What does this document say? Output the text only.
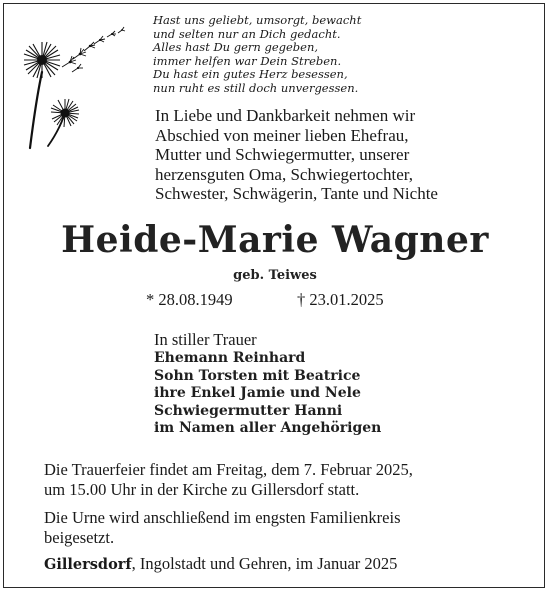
Hast uns geliebt, umsorgt, bewacht
und selten nur an Dich gedacht.
Alles hast Du gern gegeben,
immer helfen war Dein Streben.
Du hast ein gutes Herz besessen,
nun ruht es still doch unvergessen.
In Liebe und Dankbarkeit nehmen wir
Abschied von meiner lieben Ehefrau,
Mutter und Schwiegermutter, unserer
herzensguten Oma, Schwiegertochter,
Schwester, Schwägerin, Tante und Nichte
Heide-Marie Wagner
geb. Teiwes
* 28.08.1949	† 23.01.2025
In stiller Trauer
Ehemann Reinhard
Sohn Torsten mit Beatrice
ihre Enkel Jamie und Nele
Schwiegermutter Hanni
im Namen aller Angehörigen
Die Trauerfeier findet am Freitag, dem 7. Februar 2025,
um 15.00 Uhr in der Kirche zu Gillersdorf statt.
Die Urne wird anschließend im engsten Familienkreis
beigesetzt.
Gillersdorf, Ingolstadt und Gehren, im Januar 2025
